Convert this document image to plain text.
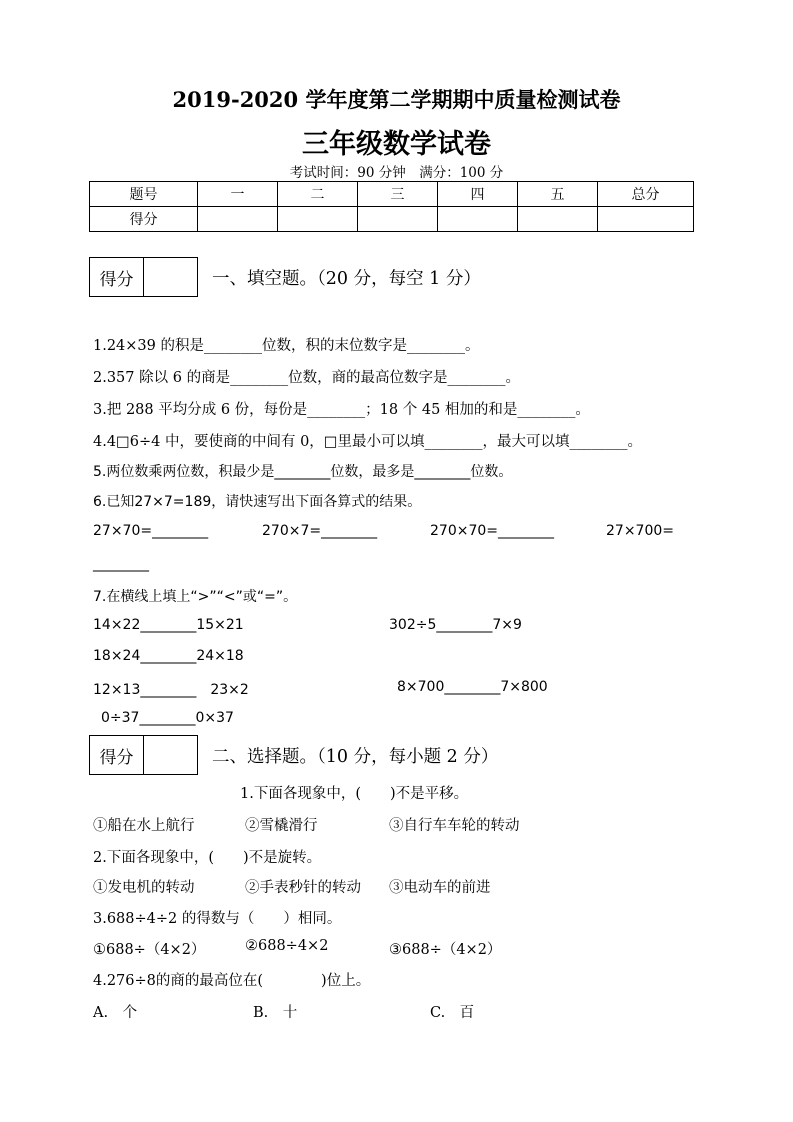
2019-2020 学年度第二学期期中质量检测试卷
三年级数学试卷
考试时间：90 分钟　满分：100 分
题号	一	二	三	四	五	总分
得分						
得分	一、填空题。（20 分，每空 1 分）
1.24×39 的积是________位数，积的末位数字是________。
2.357 除以 6 的商是________位数，商的最高位数字是________。
3.把 288 平均分成 6 份，每份是________；18 个 45 相加的和是________。
4.4□6÷4 中，要使商的中间有 0，□里最小可以填________，最大可以填________。
5.两位数乘两位数，积最少是________位数，最多是________位数。
6.已知27×7=189，请快速写出下面各算式的结果。
27×70=________	270×7=________	270×70=________	27×700=
________
7.在横线上填上“>”“<”或“=”。
14×22________15×21	302÷5________7×9
18×24________24×18
12×13________　23×2	8×700________7×800
0÷37________0×37
得分	二、选择题。（10 分，每小题 2 分）
1.下面各现象中，(　　)不是平移。
①船在水上航行	②雪橇滑行	③自行车车轮的转动
2.下面各现象中，(　　)不是旋转。
①发电机的转动	②手表秒针的转动 ③电动车的前进
3.688÷4÷2 的得数与（　　）相同。
①688÷（4×2）	②688÷4×2	③688÷（4×2）
4.276÷8的商的最高位在(　　　　)位上。
A.　个	B.　十	C.　百
